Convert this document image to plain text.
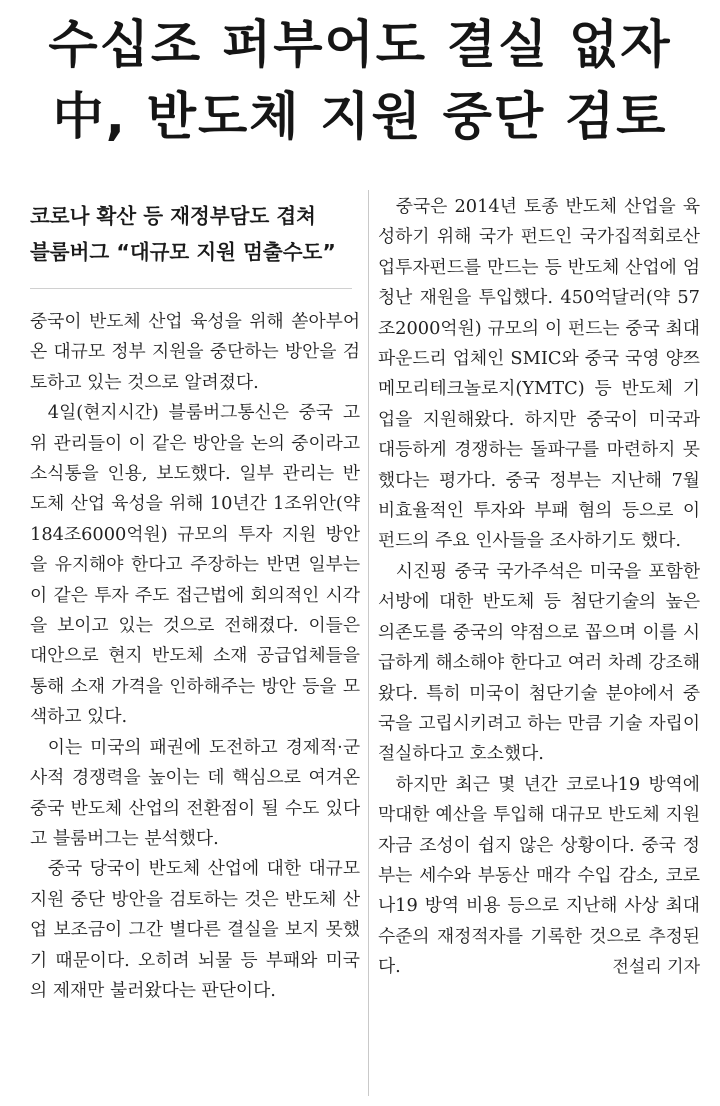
수십조 퍼부어도 결실 없자
中, 반도체 지원 중단 검토
코로나 확산 등 재정부담도 겹쳐
블룸버그 “대규모 지원 멈출수도”

중국이 반도체 산업 육성을 위해 쏟아부어 온 대규모 정부 지원을 중단하는 방안을 검토하고 있는 것으로 알려졌다.

4일(현지시간) 블룸버그통신은 중국 고위 관리들이 이 같은 방안을 논의 중이라고 소식통을 인용, 보도했다. 일부 관리는 반도체 산업 육성을 위해 10년간 1조위안(약 184조6000억원) 규모의 투자 지원 방안을 유지해야 한다고 주장하는 반면 일부는 이 같은 투자 주도 접근법에 회의적인 시각을 보이고 있는 것으로 전해졌다. 이들은 대안으로 현지 반도체 소재 공급업체들을 통해 소재 가격을 인하해주는 방안 등을 모색하고 있다.

이는 미국의 패권에 도전하고 경제적·군사적 경쟁력을 높이는 데 핵심으로 여겨온 중국 반도체 산업의 전환점이 될 수도 있다고 블룸버그는 분석했다.

중국 당국이 반도체 산업에 대한 대규모 지원 중단 방안을 검토하는 것은 반도체 산업 보조금이 그간 별다른 결실을 보지 못했기 때문이다. 오히려 뇌물 등 부패와 미국의 제재만 불러왔다는 판단이다.

중국은 2014년 토종 반도체 산업을 육성하기 위해 국가 펀드인 국가집적회로산업투자펀드를 만드는 등 반도체 산업에 엄청난 재원을 투입했다. 450억달러(약 57조2000억원) 규모의 이 펀드는 중국 최대 파운드리 업체인 SMIC와 중국 국영 양쯔메모리테크놀로지(YMTC) 등 반도체 기업을 지원해왔다. 하지만 중국이 미국과 대등하게 경쟁하는 돌파구를 마련하지 못했다는 평가다. 중국 정부는 지난해 7월 비효율적인 투자와 부패 혐의 등으로 이 펀드의 주요 인사들을 조사하기도 했다.

시진핑 중국 국가주석은 미국을 포함한 서방에 대한 반도체 등 첨단기술의 높은 의존도를 중국의 약점으로 꼽으며 이를 시급하게 해소해야 한다고 여러 차례 강조해왔다. 특히 미국이 첨단기술 분야에서 중국을 고립시키려고 하는 만큼 기술 자립이 절실하다고 호소했다.

하지만 최근 몇 년간 코로나19 방역에 막대한 예산을 투입해 대규모 반도체 지원 자금 조성이 쉽지 않은 상황이다. 중국 정부는 세수와 부동산 매각 수입 감소, 코로나19 방역 비용 등으로 지난해 사상 최대 수준의 재정적자를 기록한 것으로 추정된다.	전설리 기자
